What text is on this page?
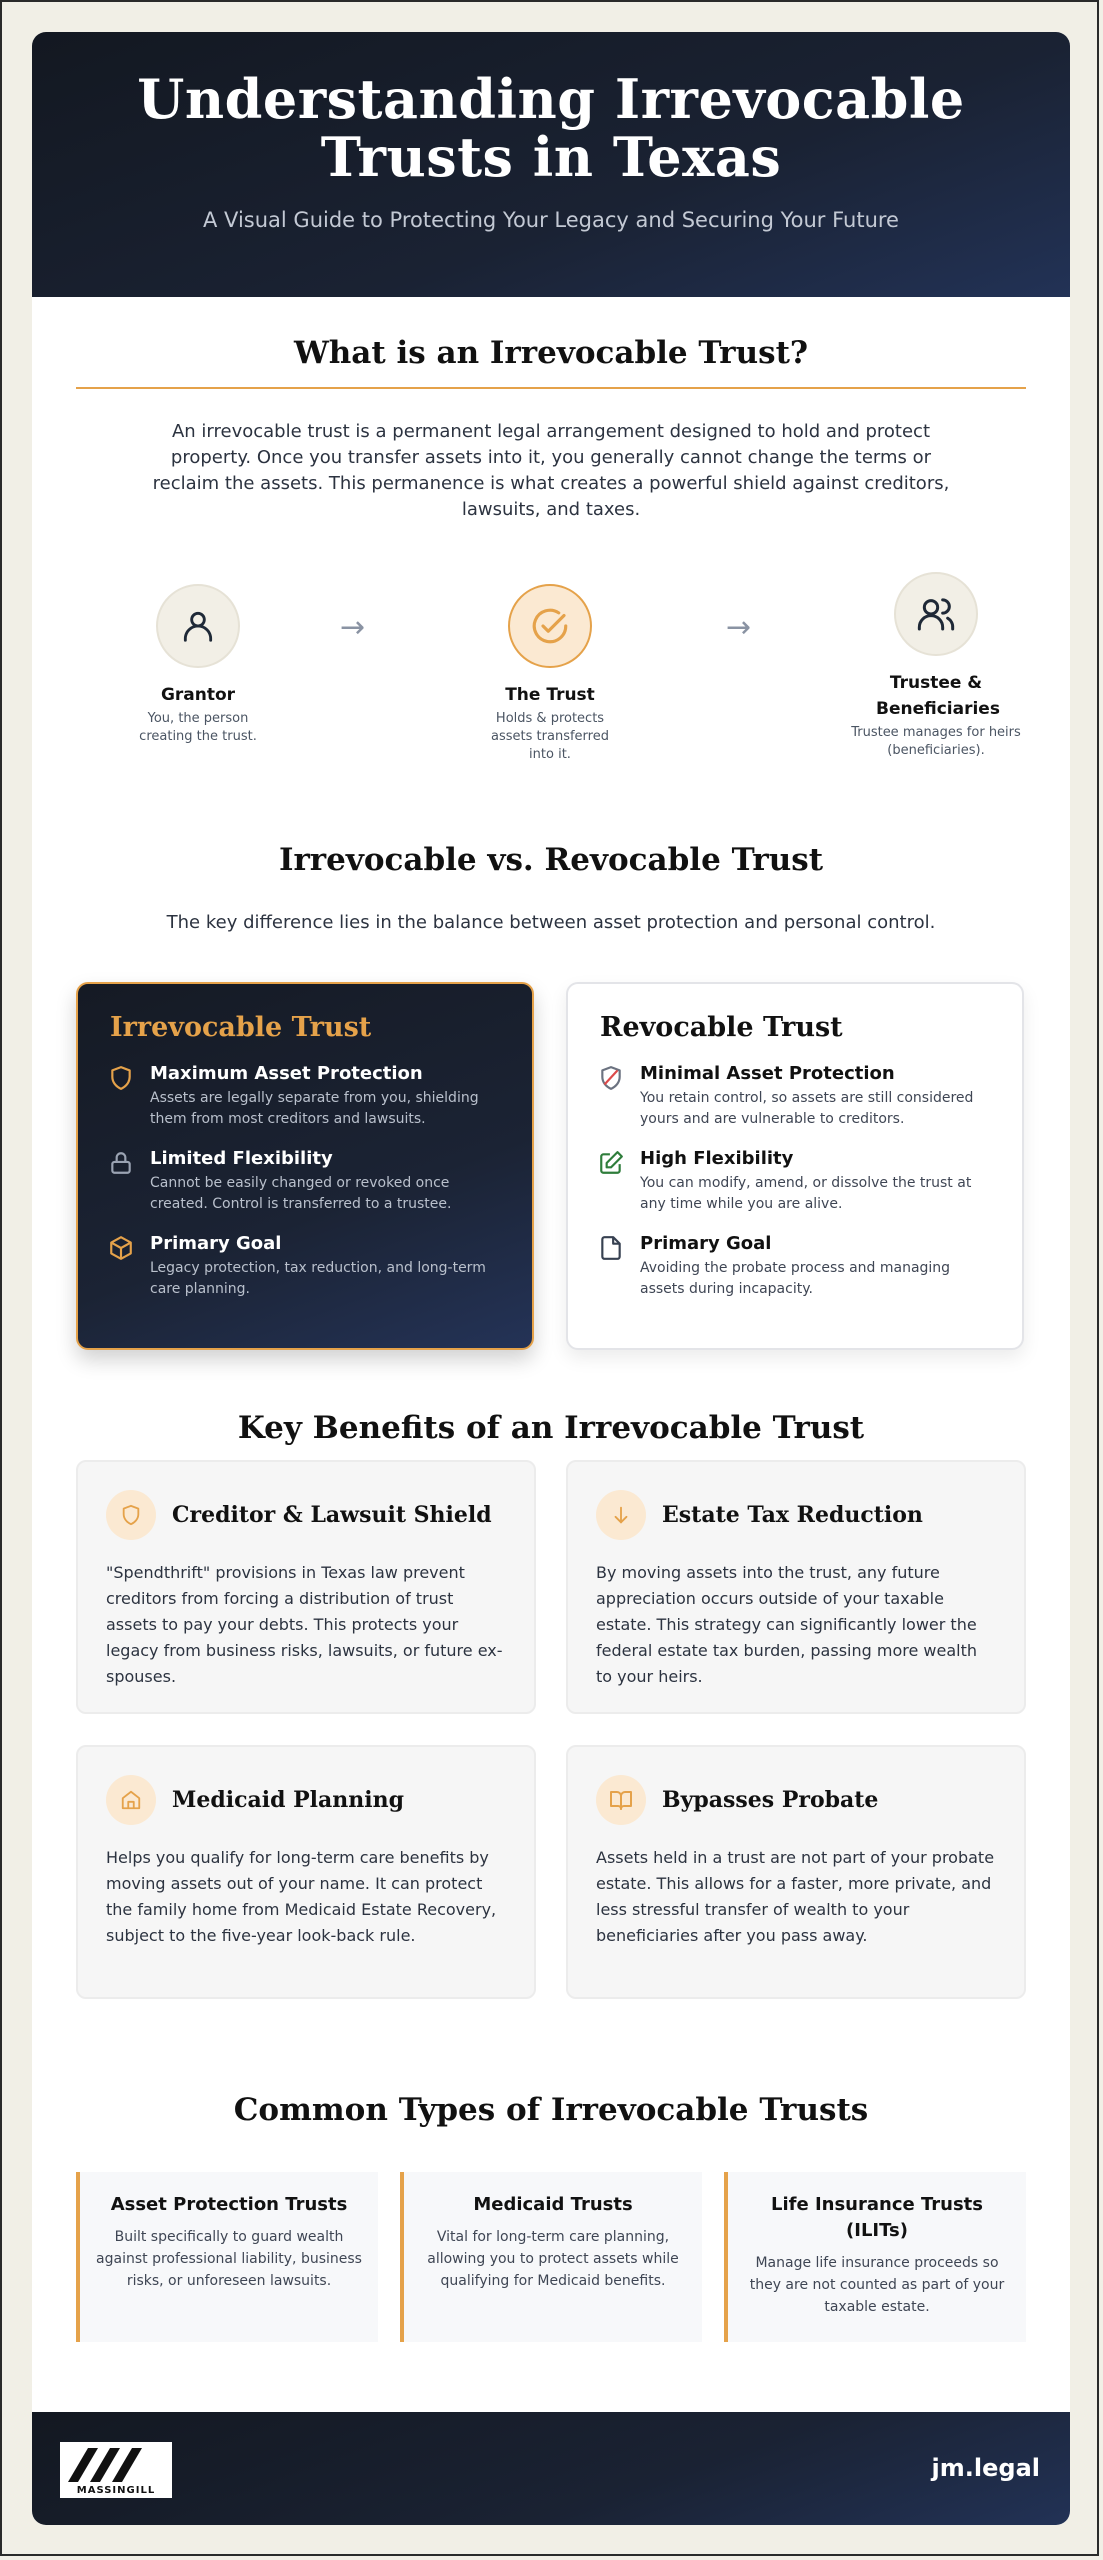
Understanding Irrevocable
Trusts in Texas

A Visual Guide to Protecting Your Legacy and Securing Your Future

What is an Irrevocable Trust?

An irrevocable trust is a permanent legal arrangement designed to hold and protect property. Once you transfer assets into it, you generally cannot change the terms or reclaim the assets. This permanence is what creates a powerful shield against creditors, lawsuits, and taxes.

Grantor
You, the person creating the trust.
→
The Trust
Holds & protects assets transferred into it.
→
Trustee & Beneficiaries
Trustee manages for heirs (beneficiaries).
Irrevocable vs. Revocable Trust
The key difference lies in the balance between asset protection and personal control.
Irrevocable Trust
Maximum Asset Protection
Assets are legally separate from you, shielding them from most creditors and lawsuits.
Limited Flexibility
Cannot be easily changed or revoked once created. Control is transferred to a trustee.
Primary Goal
Legacy protection, tax reduction, and long-term care planning.
Revocable Trust
Minimal Asset Protection
You retain control, so assets are still considered yours and are vulnerable to creditors.
High Flexibility
You can modify, amend, or dissolve the trust at any time while you are alive.
Primary Goal
Avoiding the probate process and managing assets during incapacity.
Key Benefits of an Irrevocable Trust
Creditor & Lawsuit Shield
"Spendthrift" provisions in Texas law prevent creditors from forcing a distribution of trust assets to pay your debts. This protects your legacy from business risks, lawsuits, or future ex-spouses.
Estate Tax Reduction
By moving assets into the trust, any future appreciation occurs outside of your taxable estate. This strategy can significantly lower the federal estate tax burden, passing more wealth to your heirs.
Medicaid Planning
Helps you qualify for long-term care benefits by moving assets out of your name. It can protect the family home from Medicaid Estate Recovery, subject to the five-year look-back rule.
Bypasses Probate
Assets held in a trust are not part of your probate estate. This allows for a faster, more private, and less stressful transfer of wealth to your beneficiaries after you pass away.
Common Types of Irrevocable Trusts
Asset Protection Trusts
Built specifically to guard wealth against professional liability, business risks, or unforeseen lawsuits.
Medicaid Trusts
Vital for long-term care planning, allowing you to protect assets while qualifying for Medicaid benefits.
Life Insurance Trusts (ILITs)
Manage life insurance proceeds so they are not counted as part of your taxable estate.
MASSINGILL
jm.legal
